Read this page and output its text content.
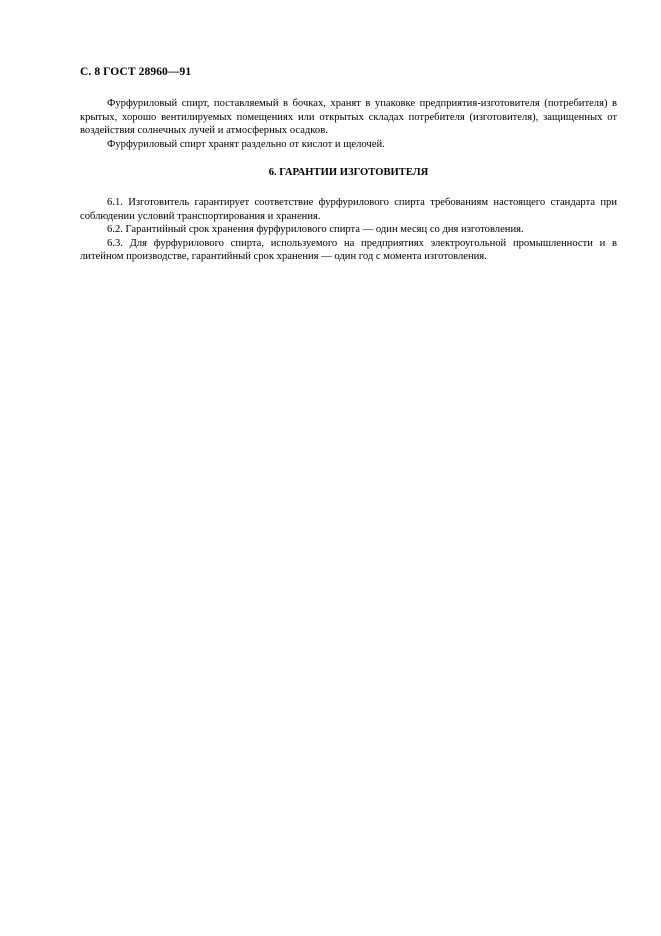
С. 8 ГОСТ 28960—91

Фурфуриловый спирт, поставляемый в бочках, хранят в упаковке предприятия-изготовителя (потребителя) в крытых, хорошо вентилируемых помещениях или открытых складах потребителя (изготовителя), защищенных от воздействия солнечных лучей и атмосферных осадков.

Фурфуриловый спирт хранят раздельно от кислот и щелочей.

6. ГАРАНТИИ ИЗГОТОВИТЕЛЯ

6.1. Изготовитель гарантирует соответствие фурфурилового спирта требованиям настоящего стандарта при соблюдении условий транспортирования и хранения.

6.2. Гарантийный срок хранения фурфурилового спирта — один месяц со дня изготовления.

6.3. Для фурфурилового спирта, используемого на предприятиях электроугольной промышленности и в литейном производстве, гарантийный срок хранения — один год с момента изготовления.
